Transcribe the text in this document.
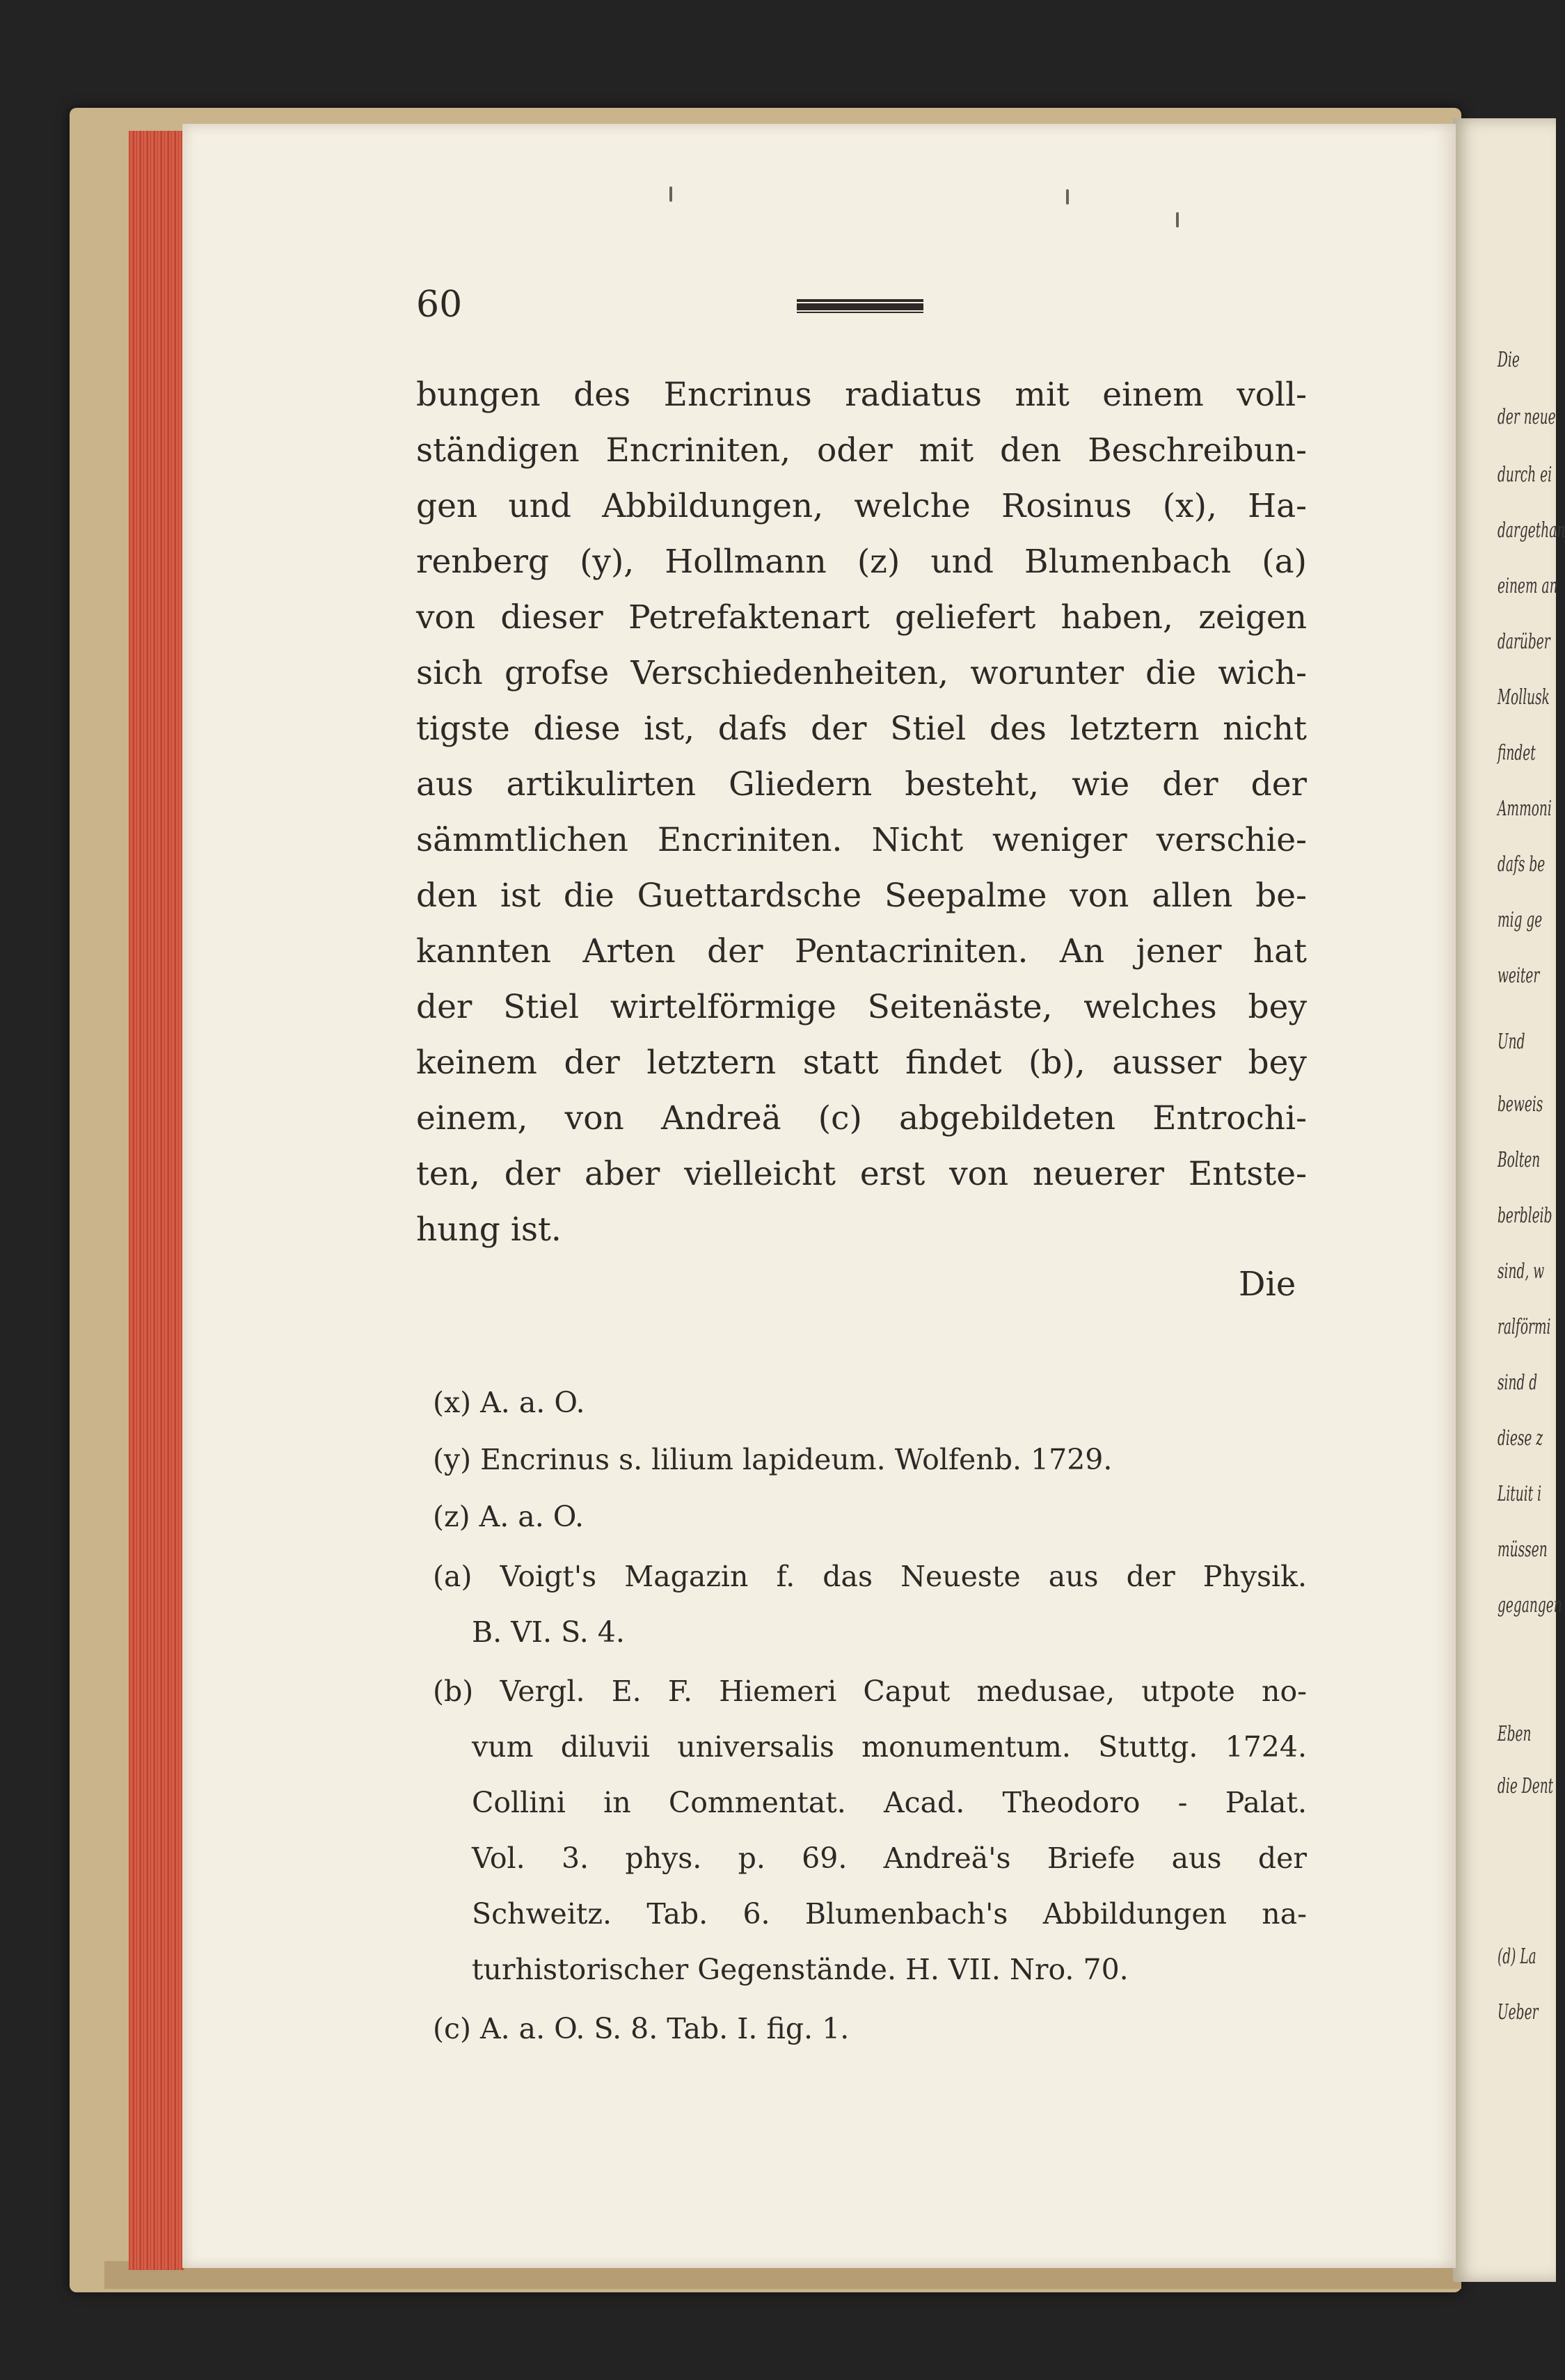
Die
der neue
durch ei
dargethan
einem an
darüber
Mollusk
findet
Ammoni
dafs be
mig ge
weiter
Und
beweis
Bolten
berbleib
sind, w
ralförmi
sind d
diese z
Lituit i
müssen
gegangen
Eben
die Dent
(d) La
Ueber
60
bungen des Encrinus radiatus mit einem voll-
ständigen Encriniten, oder mit den Beschreibun-
gen und Abbildungen, welche Rosinus (x), Ha-
renberg (y), Hollmann (z) und Blumenbach (a)
von dieser Petrefaktenart geliefert haben, zeigen
sich grofse Verschiedenheiten, worunter die wich-
tigste diese ist, dafs der Stiel des letztern nicht
aus artikulirten Gliedern besteht, wie der der
sämmtlichen Encriniten. Nicht weniger verschie-
den ist die Guettardsche Seepalme von allen be-
kannten Arten der Pentacriniten. An jener hat
der Stiel wirtelförmige Seitenäste, welches bey
keinem der letztern statt findet (b), ausser bey
einem, von Andreä (c) abgebildeten Entrochi-
ten, der aber vielleicht erst von neuerer Entste-
hung ist.
Die
(x) A. a. O.
(y) Encrinus s. lilium lapideum. Wolfenb. 1729.
(z) A. a. O.
(a) Voigt's Magazin f. das Neueste aus der Physik.
B. VI. S. 4.
(b) Vergl. E. F. Hiemeri Caput medusae, utpote no-
vum diluvii universalis monumentum. Stuttg. 1724.
Collini in Commentat. Acad. Theodoro - Palat.
Vol. 3. phys. p. 69. Andreä's Briefe aus der
Schweitz. Tab. 6. Blumenbach's Abbildungen na-
turhistorischer Gegenstände. H. VII. Nro. 70.
(c) A. a. O. S. 8. Tab. I. fig. 1.
